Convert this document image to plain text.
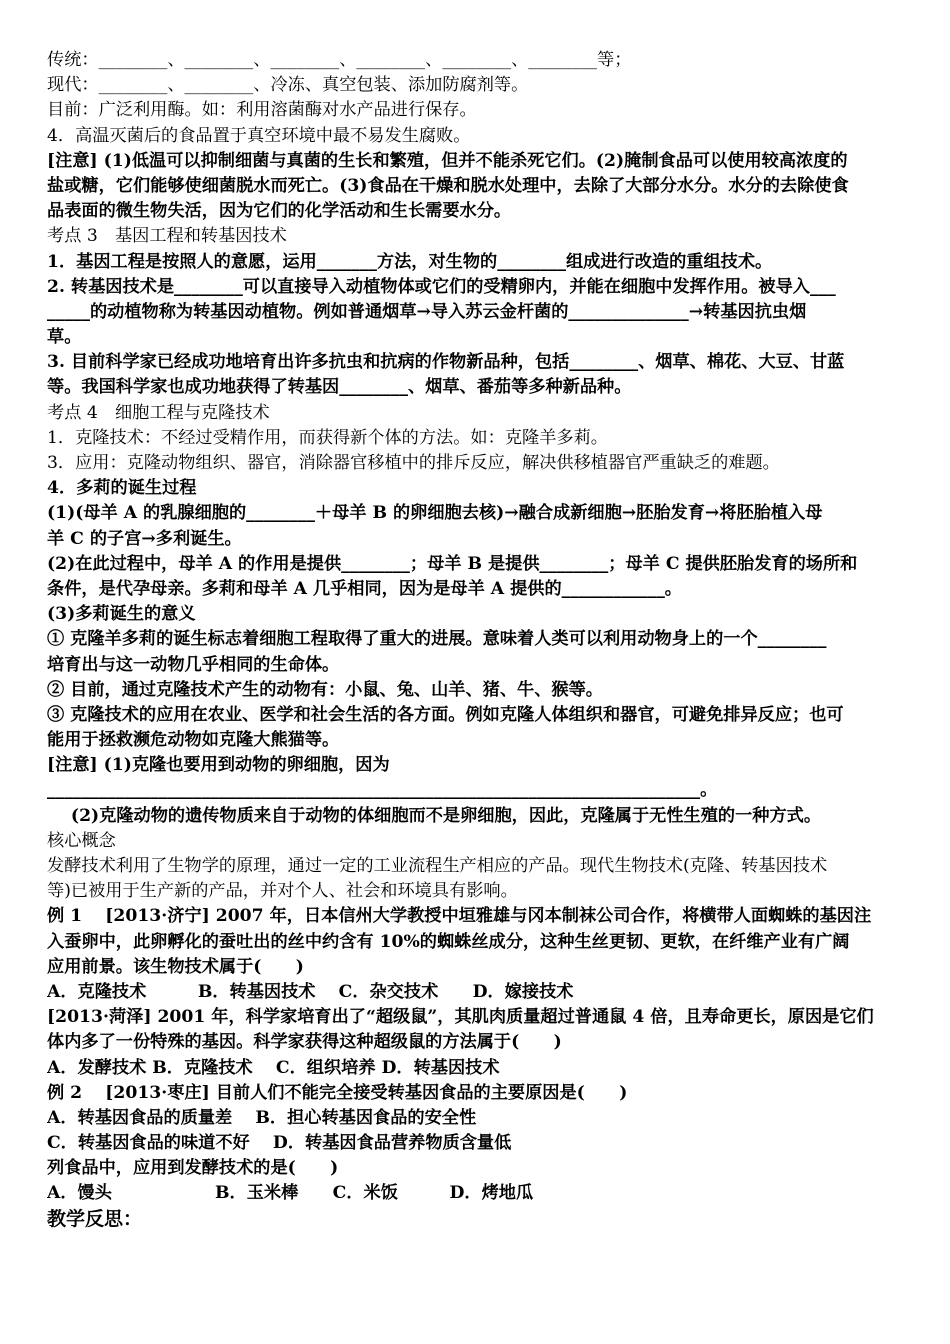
传统：________、________、________、________、________、________等；
现代：________、________、冷冻、真空包装、添加防腐剂等。
目前：广泛利用酶。如：利用溶菌酶对水产品进行保存。
4．高温灭菌后的食品置于真空环境中最不易发生腐败。
[注意] (1)低温可以抑制细菌与真菌的生长和繁殖，但并不能杀死它们。(2)腌制食品可以使用较高浓度的
盐或糖，它们能够使细菌脱水而死亡。(3)食品在干燥和脱水处理中，去除了大部分水分。水分的去除使食
品表面的微生物失活，因为它们的化学活动和生长需要水分。
考点 3　基因工程和转基因技术
1．基因工程是按照人的意愿，运用_______方法，对生物的________组成进行改造的重组技术。
2. 转基因技术是________可以直接导入动植物体或它们的受精卵内，并能在细胞中发挥作用。被导入___
_____的动植物称为转基因动植物。例如普通烟草→导入苏云金杆菌的______________→转基因抗虫烟
草。
3. 目前科学家已经成功地培育出许多抗虫和抗病的作物新品种，包括________、烟草、棉花、大豆、甘蓝
等。我国科学家也成功地获得了转基因________、烟草、番茄等多种新品种。
考点 4　细胞工程与克隆技术
1．克隆技术：不经过受精作用，而获得新个体的方法。如：克隆羊多莉。
3．应用：克隆动物组织、器官，消除器官移植中的排斥反应，解决供移植器官严重缺乏的难题。
4．多莉的诞生过程
(1)(母羊 A 的乳腺细胞的________＋母羊 B 的卵细胞去核)→融合成新细胞→胚胎发育→将胚胎植入母
羊 C 的子宫→多利诞生。
(2)在此过程中，母羊 A 的作用是提供________；母羊 B 是提供________；母羊 C 提供胚胎发育的场所和
条件，是代孕母亲。多莉和母羊 A 几乎相同，因为是母羊 A 提供的____________。
(3)多莉诞生的意义
① 克隆羊多莉的诞生标志着细胞工程取得了重大的进展。意味着人类可以利用动物身上的一个________
培育出与这一动物几乎相同的生命体。
② 目前，通过克隆技术产生的动物有：小鼠、兔、山羊、猪、牛、猴等。
③ 克隆技术的应用在农业、医学和社会生活的各方面。例如克隆人体组织和器官，可避免排异反应；也可
能用于拯救濒危动物如克隆大熊猫等。
[注意] (1)克隆也要用到动物的卵细胞，因为
____________________________________________________________________________。
(2)克隆动物的遗传物质来自于动物的体细胞而不是卵细胞，因此，克隆属于无性生殖的一种方式。
核心概念
发酵技术利用了生物学的原理，通过一定的工业流程生产相应的产品。现代生物技术(克隆、转基因技术
等)已被用于生产新的产品，并对个人、社会和环境具有影响。
例 1　 [2013·济宁] 2007 年，日本信州大学教授中垣雅雄与冈本制袜公司合作，将横带人面蜘蛛的基因注
入蚕卵中，此卵孵化的蚕吐出的丝中约含有 10%的蜘蛛丝成分，这种生丝更韧、更软，在纤维产业有广阔
应用前景。该生物技术属于(　　)
A．克隆技术　　　B．转基因技术　 C．杂交技术　　D．嫁接技术
[2013·菏泽] 2001 年，科学家培育出了“超级鼠”，其肌肉质量超过普通鼠 4 倍，且寿命更长，原因是它们
体内多了一份特殊的基因。科学家获得这种超级鼠的方法属于(　　)
A．发酵技术 B．克隆技术　 C．组织培养 D．转基因技术
例 2　 [2013·枣庄] 目前人们不能完全接受转基因食品的主要原因是(　　)
A．转基因食品的质量差　 B．担心转基因食品的安全性
C．转基因食品的味道不好　 D．转基因食品营养物质含量低
列食品中，应用到发酵技术的是(　　)
A．馒头　　　　　　B．玉米棒　　C．米饭　　　D．烤地瓜
教学反思：
